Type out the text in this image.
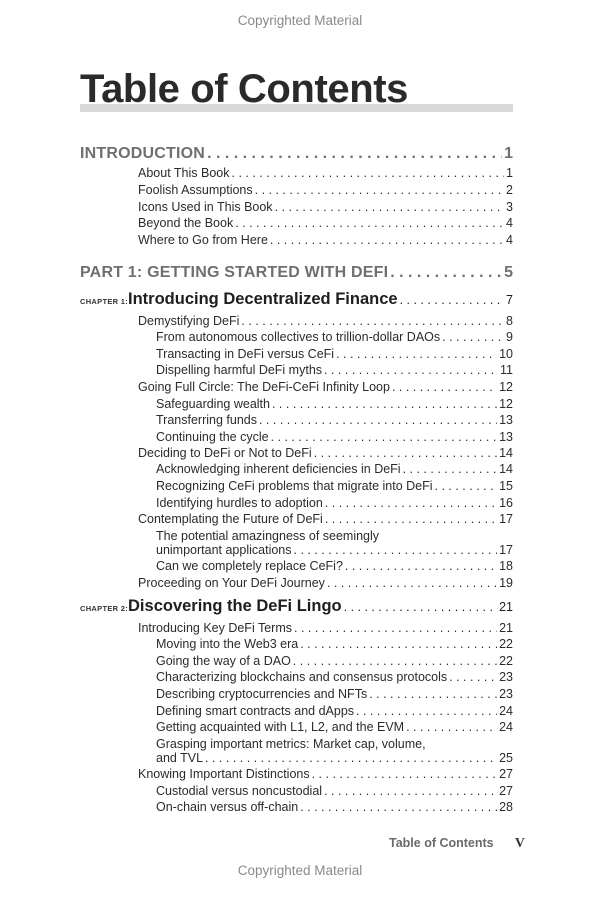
Copyrighted Material
Table of Contents
INTRODUCTION . . .	1
About This Book . . .	1
Foolish Assumptions . . .	2
Icons Used in This Book . . .	3
Beyond the Book . . .	4
Where to Go from Here . . .	4
PART 1: GETTING STARTED WITH DEFI . . .	5
CHAPTER 1: Introducing Decentralized Finance . . .	7
Demystifying DeFi . . .	8
From autonomous collectives to trillion-dollar DAOs . . .	9
Transacting in DeFi versus CeFi . . .	10
Dispelling harmful DeFi myths . . .	11
Going Full Circle: The DeFi-CeFi Infinity Loop . . .	12
Safeguarding wealth . . .	12
Transferring funds . . .	13
Continuing the cycle . . .	13
Deciding to DeFi or Not to DeFi . . .	14
Acknowledging inherent deficiencies in DeFi . . .	14
Recognizing CeFi problems that migrate into DeFi . . .	15
Identifying hurdles to adoption . . .	16
Contemplating the Future of DeFi . . .	17
The potential amazingness of seemingly
unimportant applications . . .	17
Can we completely replace CeFi? . . .	18
Proceeding on Your DeFi Journey . . .	19
CHAPTER 2: Discovering the DeFi Lingo . . .	21
Introducing Key DeFi Terms . . .	21
Moving into the Web3 era . . .	22
Going the way of a DAO . . .	22
Characterizing blockchains and consensus protocols . . .	23
Describing cryptocurrencies and NFTs . . .	23
Defining smart contracts and dApps . . .	24
Getting acquainted with L1, L2, and the EVM . . .	24
Grasping important metrics: Market cap, volume,
and TVL . . .	25
Knowing Important Distinctions . . .	27
Custodial versus noncustodial . . .	27
On-chain versus off-chain . . .	28
Table of Contents V
Copyrighted Material
